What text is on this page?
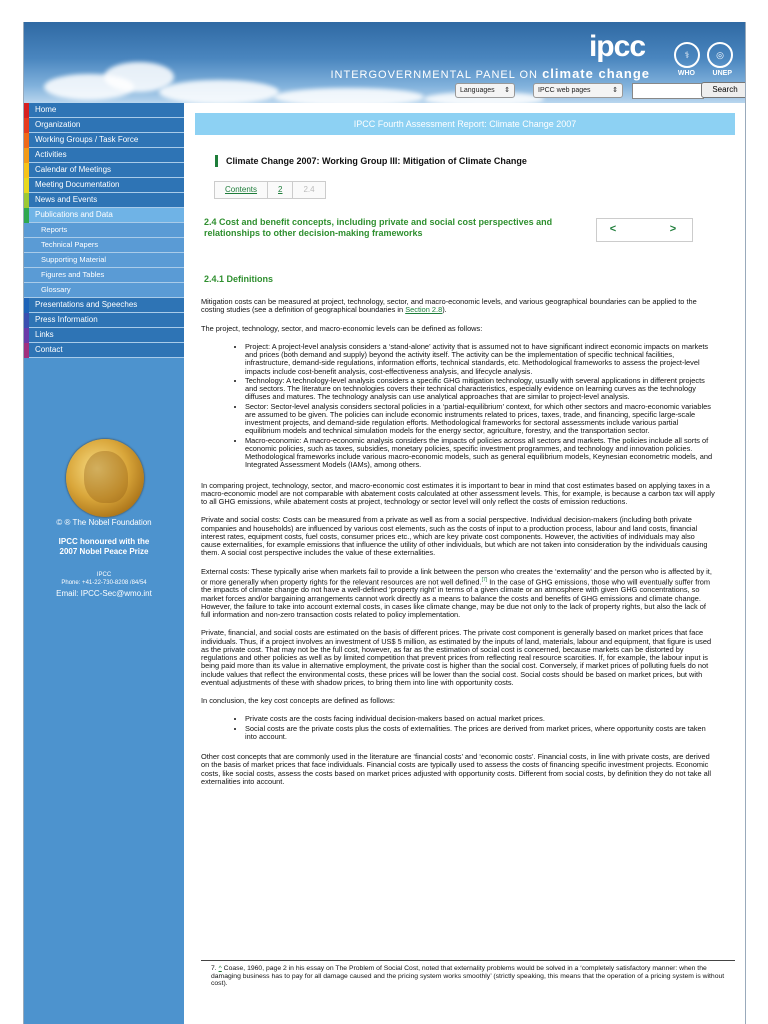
ipcc
INTERGOVERNMENTAL PANEL ON climate change
⚕
WHO
◎
UNEP
Languages ⇕	IPCC web pages	⇕	Search
Home
Organization
Working Groups / Task Force
Activities
Calendar of Meetings
Meeting Documentation
News and Events
Publications and Data
Reports
Technical Papers
Supporting Material
Figures and Tables
Glossary
Presentations and Speeches
Press Information
Links
Contact
© ® The Nobel Foundation
IPCC honoured with the
2007 Nobel Peace Prize
IPCC
Phone: +41-22-730-8208 /84/54
Email: IPCC-Sec@wmo.int
IPCC Fourth Assessment Report: Climate Change 2007
Climate Change 2007: Working Group III: Mitigation of Climate Change
Contents	2	2.4
2.4 Cost and benefit concepts, including private and social cost perspectives and relationships to other decision-making frameworks	<	>
2.4.1 Definitions

Mitigation costs can be measured at project, technology, sector, and macro-economic levels, and various geographical boundaries can be applied to the costing studies (see a definition of geographical boundaries in Section 2.8).

The project, technology, sector, and macro-economic levels can be defined as follows:

• Project: A project-level analysis considers a ‘stand-alone’ activity that is assumed not to have significant indirect economic impacts on markets and prices (both demand and supply) beyond the activity itself. The activity can be the implementation of specific technical facilities, infrastructure, demand-side regulations, information efforts, technical standards, etc. Methodological frameworks to assess the project-level impacts include cost-benefit analysis, cost-effectiveness analysis, and lifecycle analysis.
• Technology: A technology-level analysis considers a specific GHG mitigation technology, usually with several applications in different projects and sectors. The literature on technologies covers their technical characteristics, especially evidence on learning curves as the technology diffuses and matures. The technology analysis can use analytical approaches that are similar to project-level analysis.
• Sector: Sector-level analysis considers sectoral policies in a ‘partial-equilibrium’ context, for which other sectors and macro-economic variables are assumed to be given. The policies can include economic instruments related to prices, taxes, trade, and financing, specific large-scale investment projects, and demand-side regulation efforts. Methodological frameworks for sectoral assessments include various partial equilibrium models and technical simulation models for the energy sector, agriculture, forestry, and the transportation sector.
• Macro-economic: A macro-economic analysis considers the impacts of policies across all sectors and markets. The policies include all sorts of economic policies, such as taxes, subsidies, monetary policies, specific investment programmes, and technology and innovation policies. Methodological frameworks include various macro-economic models, such as general equilibrium models, Keynesian econometric models, and Integrated Assessment Models (IAMs), among others.

In comparing project, technology, sector, and macro-economic cost estimates it is important to bear in mind that cost estimates based on applying taxes in a macro-economic model are not comparable with abatement costs calculated at other assessment levels. This, for example, is because a carbon tax will apply to all GHG emissions, while abatement costs at project, technology or sector level will only reflect the costs of emission reductions.

Private and social costs: Costs can be measured from a private as well as from a social perspective. Individual decision-makers (including both private companies and households) are influenced by various cost elements, such as the costs of input to a production process, labour and land costs, financial interest rates, equipment costs, fuel costs, consumer prices etc., which are key private cost components. However, the activities of individuals may also cause externalities, for example emissions that influence the utility of other individuals, but which are not taken into consideration by the individuals causing them. A social cost perspective includes the value of these externalities.

External costs: These typically arise when markets fail to provide a link between the person who creates the ‘externality’ and the person who is affected by it, or more generally when property rights for the relevant resources are not well defined.[7] In the case of GHG emissions, those who will eventually suffer from the impacts of climate change do not have a well-defined ‘property right’ in terms of a given climate or an atmosphere with given GHG concentrations, so market forces and/or bargaining arrangements cannot work directly as a means to balance the costs and benefits of GHG emissions and climate change. However, the failure to take into account external costs, in cases like climate change, may be due not only to the lack of property rights, but also the lack of full information and non-zero transaction costs related to policy implementation.

Private, financial, and social costs are estimated on the basis of different prices. The private cost component is generally based on market prices that face individuals. Thus, if a project involves an investment of US$ 5 million, as estimated by the inputs of land, materials, labour and equipment, that figure is used as the private cost. That may not be the full cost, however, as far as the estimation of social cost is concerned, because markets can be distorted by regulations and other policies as well as by limited competition that prevent prices from reflecting real resource scarcities. If, for example, the labour input is being paid more than its value in alternative employment, the private cost is higher than the social cost. Conversely, if market prices of polluting fuels do not include values that reflect the environmental costs, these prices will be lower than the social cost. Social costs should be based on market prices, but with eventual adjustments of these with shadow prices, to bring them into line with opportunity costs.

In conclusion, the key cost concepts are defined as follows:

• Private costs are the costs facing individual decision-makers based on actual market prices.
• Social costs are the private costs plus the costs of externalities. The prices are derived from market prices, where opportunity costs are taken into account.

Other cost concepts that are commonly used in the literature are ‘financial costs’ and ‘economic costs’. Financial costs, in line with private costs, are derived on the basis of market prices that face individuals. Financial costs are typically used to assess the costs of financing specific investment projects. Economic costs, like social costs, assess the costs based on market prices adjusted with opportunity costs. Different from social costs, by definition they do not take all externalities into account.

7. ^ Coase, 1960, page 2 in his essay on The Problem of Social Cost, noted that externality problems would be solved in a ‘completely satisfactory manner: when the damaging business has to pay for all damage caused and the pricing system works smoothly’ (strictly speaking, this means that the operation of a pricing system is without cost).
